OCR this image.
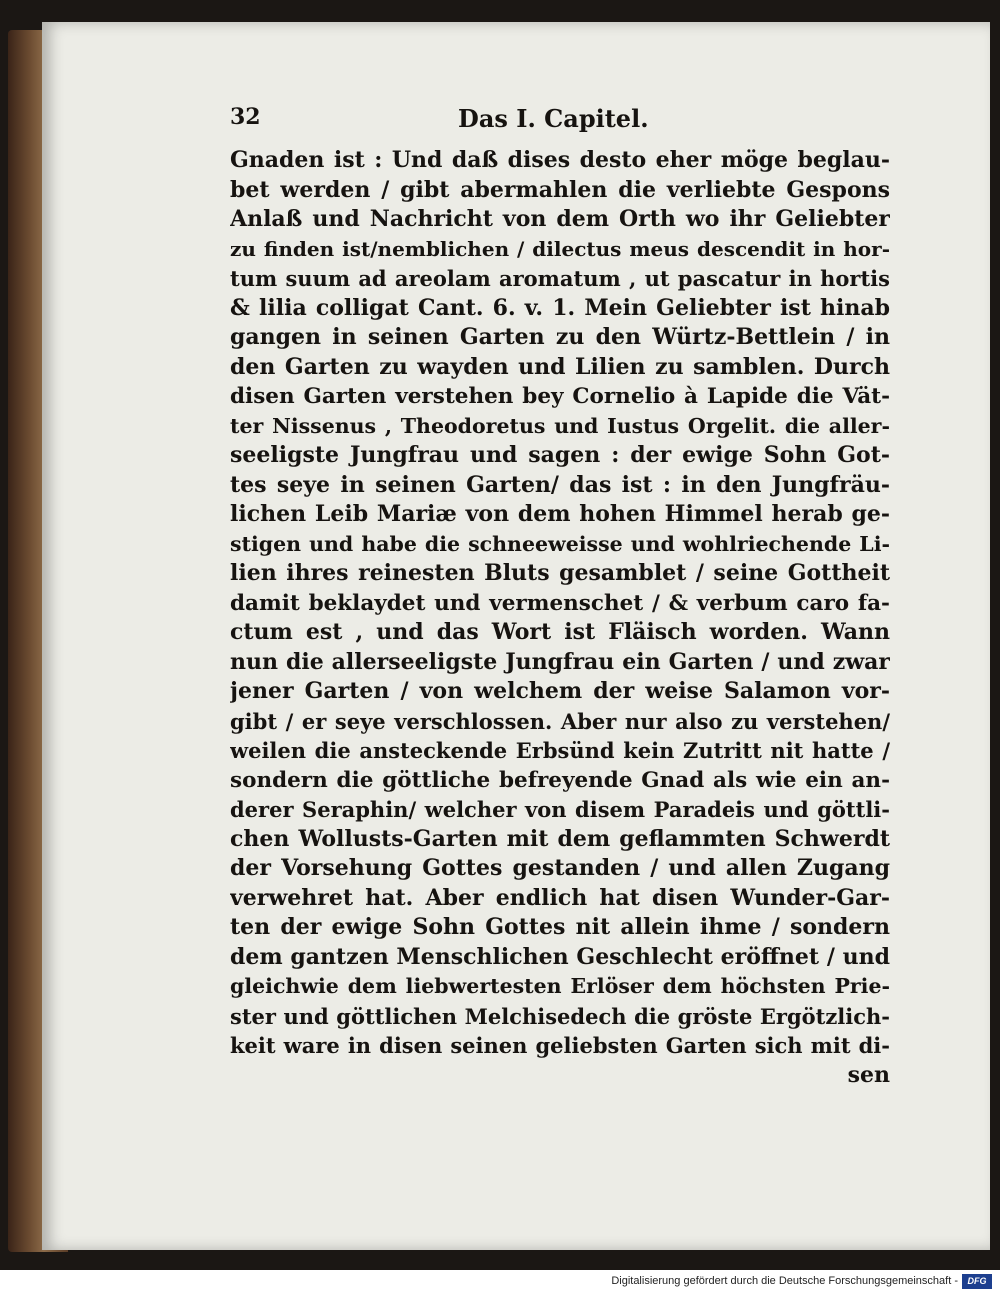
32	Das I. Capitel.
Gnaden ist : Und daß dises desto eher möge beglau-
bet werden / gibt abermahlen die verliebte Gespons
Anlaß und Nachricht von dem Orth wo ihr Geliebter
zu finden ist/nemblichen / dilectus meus descendit in hor-
tum suum ad areolam aromatum , ut pascatur in hortis
& lilia colligat Cant. 6. v. 1. Mein Geliebter ist hinab
gangen in seinen Garten zu den Würtz-Bettlein / in
den Garten zu wayden und Lilien zu samblen. Durch
disen Garten verstehen bey Cornelio à Lapide die Vät-
ter Nissenus , Theodoretus und Iustus Orgelit. die aller-
seeligste Jungfrau und sagen : der ewige Sohn Got-
tes seye in seinen Garten/ das ist : in den Jungfräu-
lichen Leib Mariæ von dem hohen Himmel herab ge-
stigen und habe die schneeweisse und wohlriechende Li-
lien ihres reinesten Bluts gesamblet / seine Gottheit
damit beklaydet und vermenschet / & verbum caro fa-
ctum est , und das Wort ist Fläisch worden. Wann
nun die allerseeligste Jungfrau ein Garten / und zwar
jener Garten / von welchem der weise Salamon vor-
gibt / er seye verschlossen. Aber nur also zu verstehen/
weilen die ansteckende Erbsünd kein Zutritt nit hatte /
sondern die göttliche befreyende Gnad als wie ein an-
derer Seraphin/ welcher von disem Paradeis und göttli-
chen Wollusts-Garten mit dem geflammten Schwerdt
der Vorsehung Gottes gestanden / und allen Zugang
verwehret hat. Aber endlich hat disen Wunder-Gar-
ten der ewige Sohn Gottes nit allein ihme / sondern
dem gantzen Menschlichen Geschlecht eröffnet / und
gleichwie dem liebwertesten Erlöser dem höchsten Prie-
ster und göttlichen Melchisedech die gröste Ergötzlich-
keit ware in disen seinen geliebsten Garten sich mit di-
sen
Digitalisierung gefördert durch die Deutsche Forschungsgemeinschaft -	DFG
